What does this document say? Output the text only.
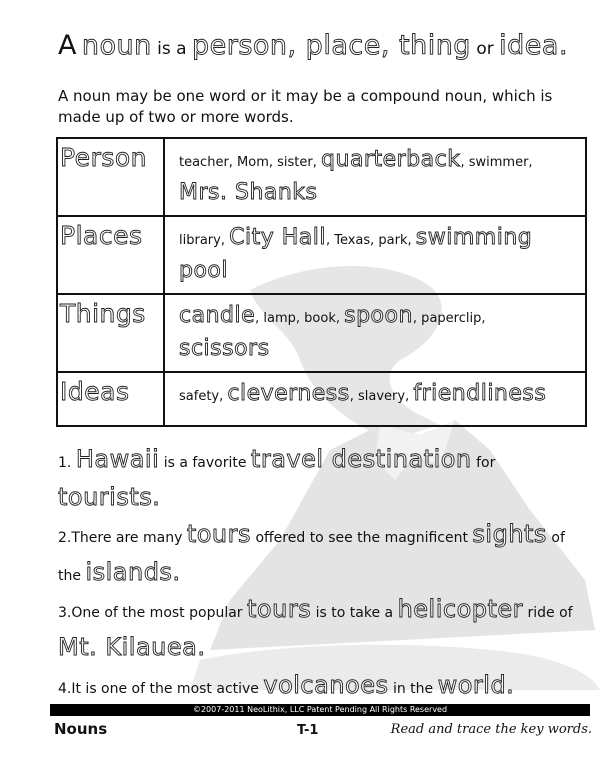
A noun is a person, place, thing or idea.
A noun may be one word or it may be a compound noun, which is made up of two or more words.
Person	teacher, Mom, sister, quarterback, swimmer, Mrs. Shanks
Places	library, City Hall, Texas, park, swimming pool
Things	candle, lamp, book, spoon, paperclip, scissors
Ideas	safety, cleverness, slavery, friendliness
1. Hawaii is a favorite travel destination for tourists.
2.There are many tours offered to see the magnificent sights of the islands.
3.One of the most popular tours is to take a helicopter ride of Mt. Kilauea.
4.It is one of the most active volcanoes in the world.
©2007-2011 NeoLithix, LLC Patent Pending All Rights Reserved
Nouns	T-1	Read and trace the key words.
